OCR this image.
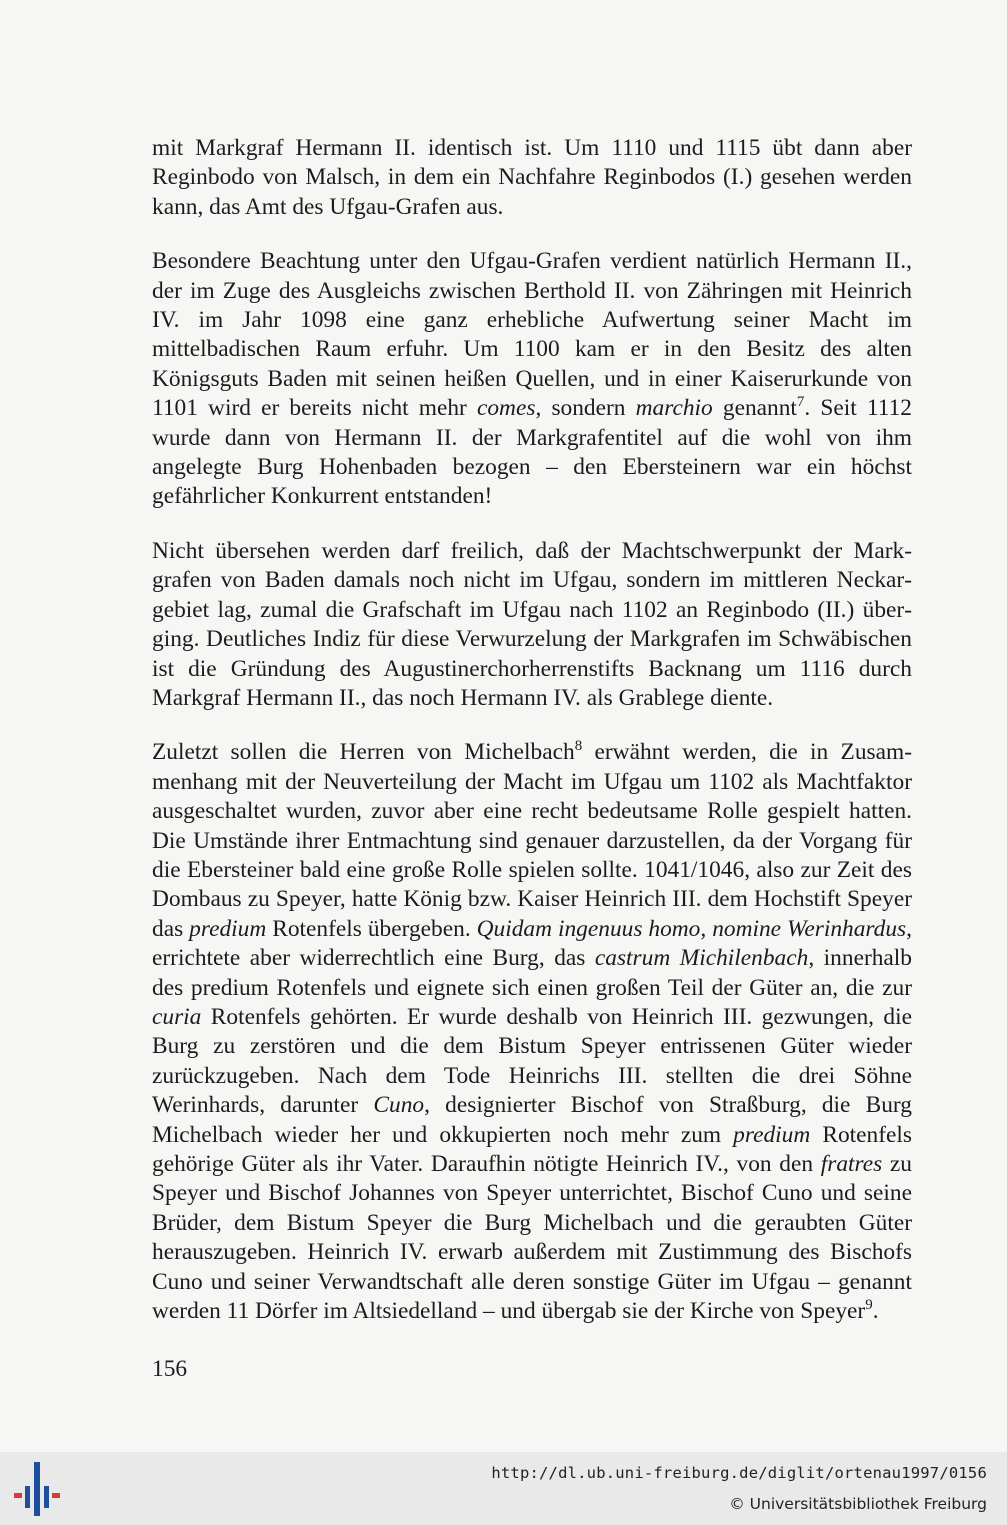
mit Markgraf Hermann II. identisch ist. Um 1110 und 1115 übt dann aber Reginbodo von Malsch, in dem ein Nachfahre Reginbodos (I.) gesehen werden kann, das Amt des Ufgau-Grafen aus.

Besondere Beachtung unter den Ufgau-Grafen verdient natürlich Hermann II., der im Zuge des Ausgleichs zwischen Berthold II. von Zähringen mit Heinrich IV. im Jahr 1098 eine ganz erhebliche Aufwertung seiner Macht im mittelbadischen Raum erfuhr. Um 1100 kam er in den Besitz des alten Königsguts Baden mit seinen heißen Quellen, und in einer Kaiserurkunde von 1101 wird er bereits nicht mehr comes, sondern marchio genannt$^7$. Seit 1112 wurde dann von Hermann II. der Markgrafentitel auf die wohl von ihm angelegte Burg Hohenbaden bezogen – den Ebersteinern war ein höchst gefährlicher Konkurrent entstanden!

Nicht übersehen werden darf freilich, daß der Machtschwerpunkt der Markgrafen von Baden damals noch nicht im Ufgau, sondern im mittleren Neckargebiet lag, zumal die Grafschaft im Ufgau nach 1102 an Reginbodo (II.) überging. Deutliches Indiz für diese Verwurzelung der Markgrafen im Schwäbischen ist die Gründung des Augustinerchorherrenstifts Backnang um 1116 durch Markgraf Hermann II., das noch Hermann IV. als Grablege diente.

Zuletzt sollen die Herren von Michelbach$^8$ erwähnt werden, die in Zusammenhang mit der Neuverteilung der Macht im Ufgau um 1102 als Machtfaktor ausgeschaltet wurden, zuvor aber eine recht bedeutsame Rolle gespielt hatten. Die Umstände ihrer Entmachtung sind genauer darzustellen, da der Vorgang für die Ebersteiner bald eine große Rolle spielen sollte. 1041/1046, also zur Zeit des Dombaus zu Speyer, hatte König bzw. Kaiser Heinrich III. dem Hochstift Speyer das predium Rotenfels übergeben. Quidam ingenuus homo, nomine Werinhardus, errichtete aber widerrechtlich eine Burg, das castrum Michilenbach, innerhalb des predium Rotenfels und eignete sich einen großen Teil der Güter an, die zur curia Rotenfels gehörten. Er wurde deshalb von Heinrich III. gezwungen, die Burg zu zerstören und die dem Bistum Speyer entrissenen Güter wieder zurückzugeben. Nach dem Tode Heinrichs III. stellten die drei Söhne Werinhards, darunter Cuno, designierter Bischof von Straßburg, die Burg Michelbach wieder her und okkupierten noch mehr zum predium Rotenfels gehörige Güter als ihr Vater. Daraufhin nötigte Heinrich IV., von den fratres zu Speyer und Bischof Johannes von Speyer unterrichtet, Bischof Cuno und seine Brüder, dem Bistum Speyer die Burg Michelbach und die geraubten Güter herauszugeben. Heinrich IV. erwarb außerdem mit Zustimmung des Bischofs Cuno und seiner Verwandtschaft alle deren sonstige Güter im Ufgau – genannt werden 11 Dörfer im Altsiedelland – und übergab sie der Kirche von Speyer$^9$.

156
http://dl.ub.uni-freiburg.de/diglit/ortenau1997/0156
© Universitätsbibliothek Freiburg
